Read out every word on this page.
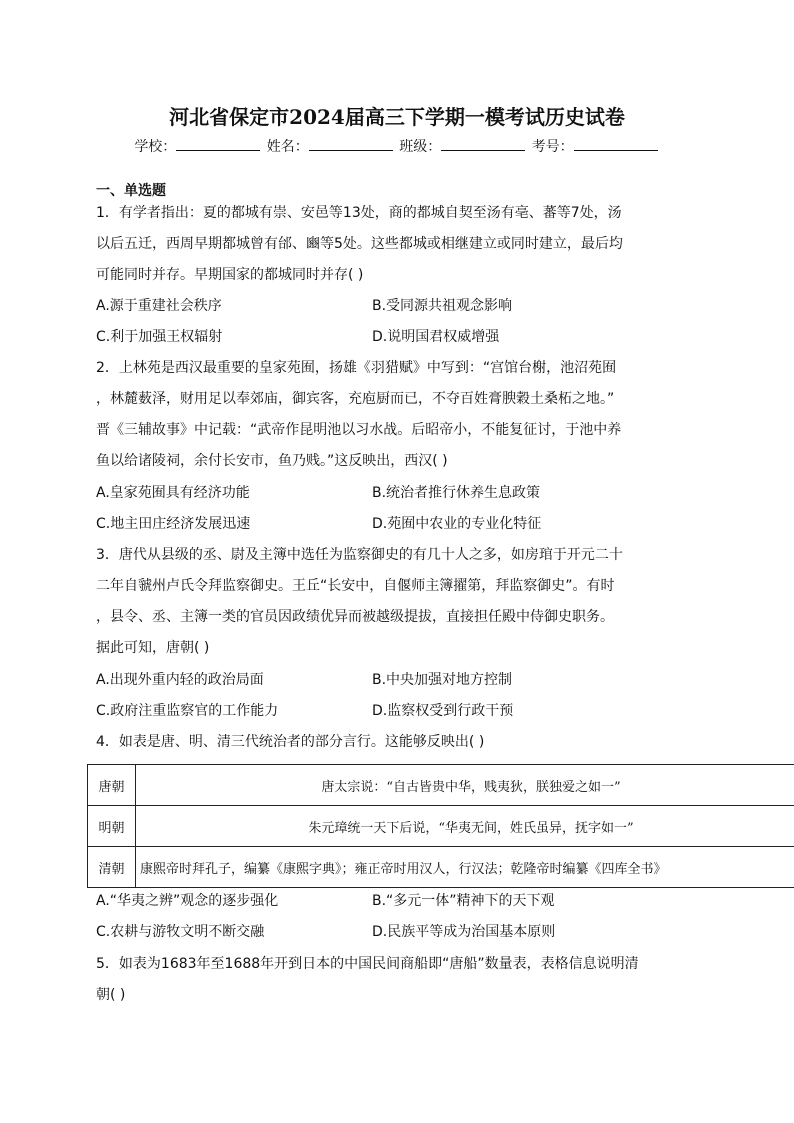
河北省保定市2024届高三下学期一模考试历史试卷
学校：	姓名：	班级：	考号：
一、单选题

1．有学者指出：夏的都城有崇、安邑等13处，商的都城自契至汤有亳、蕃等7处，汤

以后五迁，西周早期都城曾有邰、豳等5处。这些都城或相继建立或同时建立，最后均

可能同时并存。早期国家的都城同时并存( )

A.源于重建社会秩序	B.受同源共祖观念影响
C.利于加强王权辐射	D.说明国君权威增强

2．上林苑是西汉最重要的皇家苑囿，扬雄《羽猎赋》中写到：“宫馆台榭，池沼苑囿

，林麓薮泽，财用足以奉郊庙，御宾客，充庖厨而已，不夺百姓膏腴穀土桑柘之地。”

晋《三辅故事》中记载：“武帝作昆明池以习水战。后昭帝小，不能复征讨，于池中养

鱼以给诸陵祠，余付长安市，鱼乃贱。”这反映出，西汉( )

A.皇家苑囿具有经济功能	B.统治者推行休养生息政策
C.地主田庄经济发展迅速	D.苑囿中农业的专业化特征

3．唐代从县级的丞、尉及主簿中选任为监察御史的有几十人之多，如房琯于开元二十

二年自虢州卢氏令拜监察御史。王丘“长安中，自偃师主簿擢第，拜监察御史”。有时

，县令、丞、主簿一类的官员因政绩优异而被越级提拔，直接担任殿中侍御史职务。

据此可知，唐朝( )

A.出现外重内轻的政治局面	B.中央加强对地方控制
C.政府注重监察官的工作能力	D.监察权受到行政干预

4．如表是唐、明、清三代统治者的部分言行。这能够反映出( )

唐朝	唐太宗说：“自古皆贵中华，贱夷狄，朕独爱之如一”
明朝	朱元璋统一天下后说，“华夷无间，姓氏虽异，抚字如一”
清朝	康熙帝时拜孔子，编纂《康熙字典》；雍正帝时用汉人，行汉法；乾隆帝时编纂《四库全书》
A.“华夷之辨”观念的逐步强化	B.“多元一体”精神下的天下观
C.农耕与游牧文明不断交融	D.民族平等成为治国基本原则

5．如表为1683年至1688年开到日本的中国民间商船即“唐船”数量表，表格信息说明清

朝( )
